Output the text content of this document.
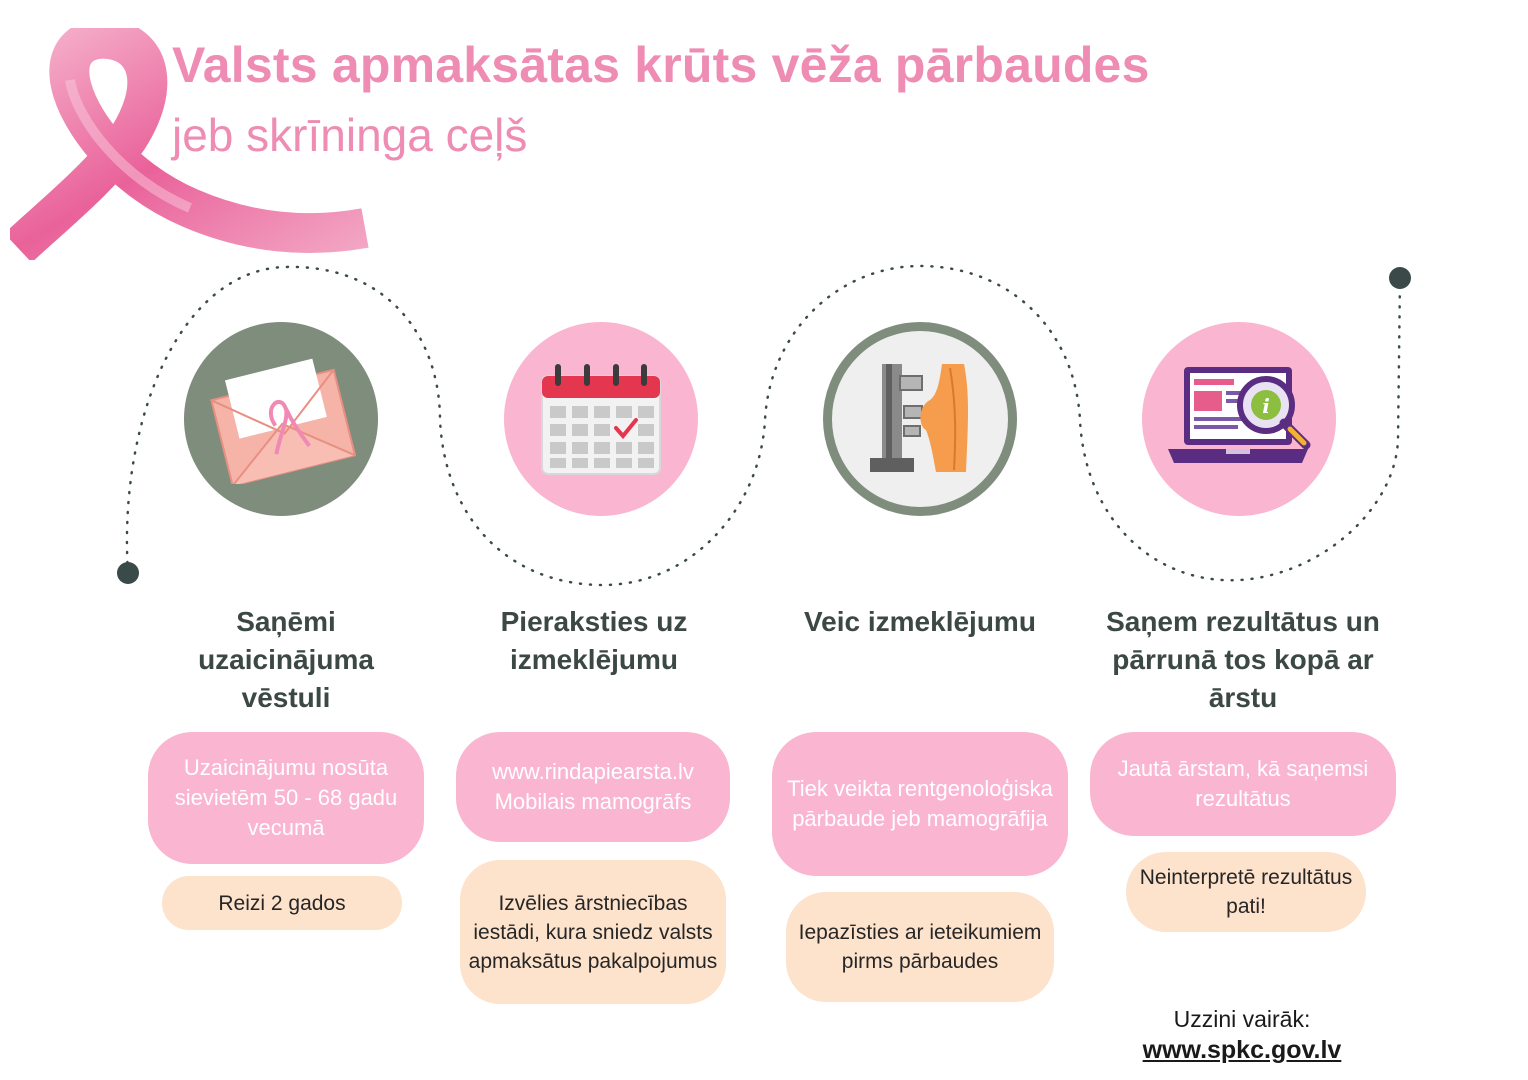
Valsts apmaksātas krūts vēža pārbaudes
jeb skrīninga ceļš
Saņēmi uzaicinājuma vēstuli
Uzaicinājumu nosūta sievietēm 50 - 68 gadu vecumā
Reizi 2 gados
Pieraksties uz izmeklējumu
www.rindapiearsta.lv Mobilais mamogrāfs
Izvēlies ārstniecības iestādi, kura sniedz valsts apmaksātus pakalpojumus
Veic izmeklējumu
Tiek veikta rentgenoloģiska pārbaude jeb mamogrāfija
Iepazīsties ar ieteikumiem pirms pārbaudes
i
Saņem rezultātus un pārrunā tos kopā ar ārstu
Jautā ārstam, kā saņemsi rezultātus
Neinterpretē rezultātus pati!
Uzzini vairāk:
www.spkc.gov.lv
